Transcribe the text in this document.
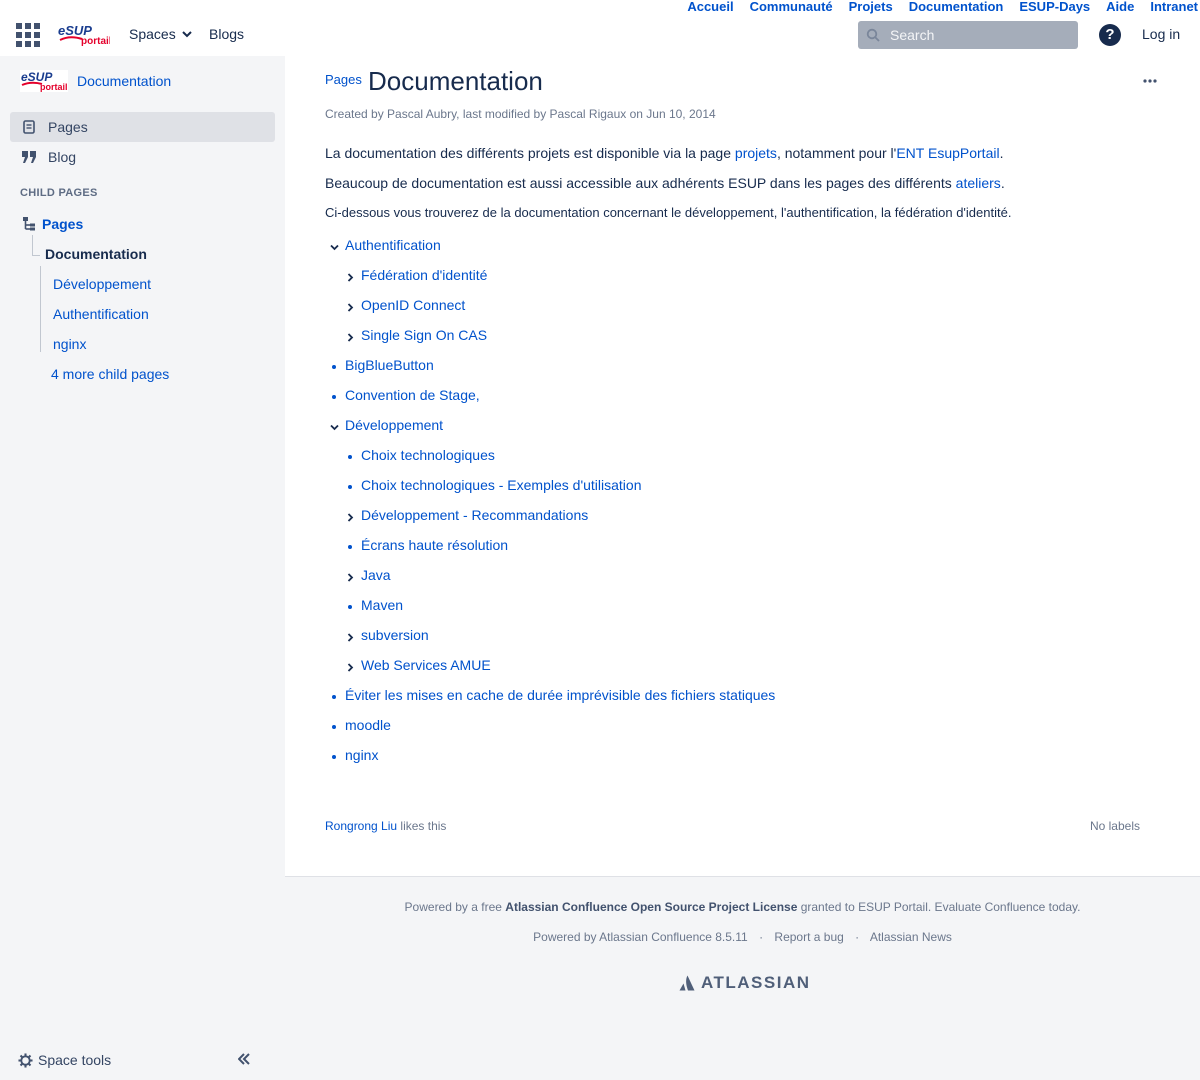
Accueil	Communauté	Projets	Documentation	ESUP-Days	Aide	Intranet
eSUP
portail Spaces Blogs
Search	?	Log in
eSUP
portail Documentation
Pages
Blog
CHILD PAGES
Pages
Documentation
Développement
Authentification
nginx
4 more child pages
Space tools
Pages Documentation
Created by Pascal Aubry, last modified by Pascal Rigaux on Jun 10, 2014

La documentation des différents projets est disponible via la page projets, notamment pour l'ENT EsupPortail.

Beaucoup de documentation est aussi accessible aux adhérents ESUP dans les pages des différents ateliers.

Ci-dessous vous trouverez de la documentation concernant le développement, l'authentification, la fédération d'identité.

Authentification
Fédération d'identité
OpenID Connect
Single Sign On CAS
BigBlueButton
Convention de Stage,
Développement
Choix technologiques
Choix technologiques - Exemples d'utilisation
Développement - Recommandations
Écrans haute résolution
Java
Maven
subversion
Web Services AMUE
Éviter les mises en cache de durée imprévisible des fichiers statiques
moodle
nginx
Rongrong Liu likes this	No labels
Powered by a free Atlassian Confluence Open Source Project License granted to ESUP Portail. Evaluate Confluence today.
Powered by Atlassian Confluence 8.5.11 · Report a bug · Atlassian News
ATLASSIAN
